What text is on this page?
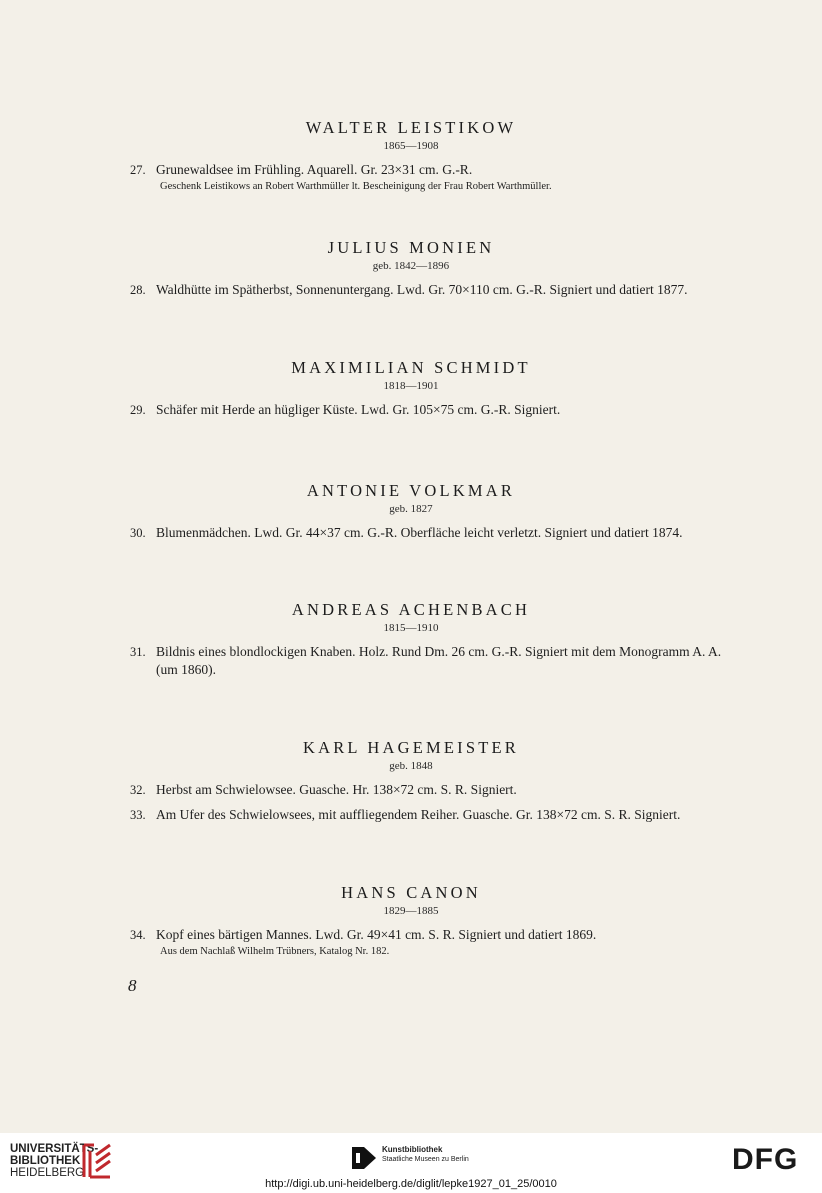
WALTER LEISTIKOW
1865—1908
27. Grunewaldsee im Frühling. Aquarell. Gr. 23×31 cm. G.-R.
Geschenk Leistikows an Robert Warthmüller lt. Bescheinigung der Frau Robert Warthmüller.
JULIUS MONIEN
geb. 1842—1896
28. Waldhütte im Spätherbst, Sonnenuntergang. Lwd. Gr. 70×110 cm. G.-R. Signiert und datiert 1877.
MAXIMILIAN SCHMIDT
1818—1901
29. Schäfer mit Herde an hügliger Küste. Lwd. Gr. 105×75 cm. G.-R. Signiert.
ANTONIE VOLKMAR
geb. 1827
30. Blumenmädchen. Lwd. Gr. 44×37 cm. G.-R. Oberfläche leicht verletzt. Signiert und datiert 1874.
ANDREAS ACHENBACH
1815—1910
31. Bildnis eines blondlockigen Knaben. Holz. Rund Dm. 26 cm. G.-R. Signiert mit dem Monogramm A. A. (um 1860).
KARL HAGEMEISTER
geb. 1848
32. Herbst am Schwielowsee. Guasche. Hr. 138×72 cm. S. R. Signiert.
33. Am Ufer des Schwielowsees, mit auffliegendem Reiher. Guasche. Gr. 138×72 cm. S. R. Signiert.
HANS CANON
1829—1885
34. Kopf eines bärtigen Mannes. Lwd. Gr. 49×41 cm. S. R. Signiert und datiert 1869.
Aus dem Nachlaß Wilhelm Trübners, Katalog Nr. 182.
8
UNIVERSITÄTS-
BIBLIOTHEK
HEIDELBERG
Kunstbibliothek
Staatliche Museen zu Berlin	DFG
http://digi.ub.uni-heidelberg.de/diglit/lepke1927_01_25/0010
